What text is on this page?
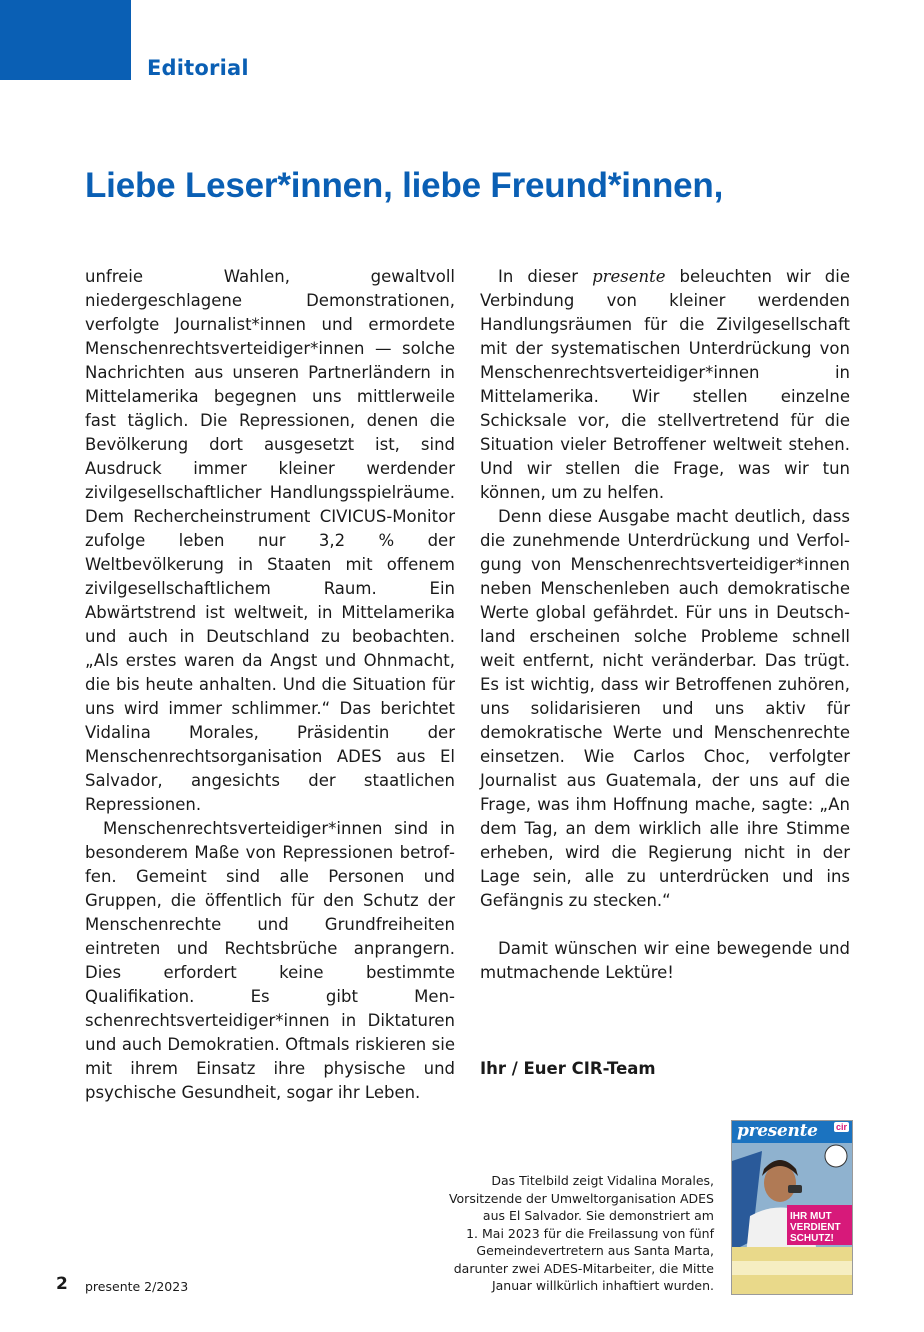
Editorial
Liebe Leser*innen, liebe Freund*innen,

unfreie Wahlen, gewaltvoll niedergeschlagene Demonstrationen, verfolgte Journalist*innen und ermordete Menschenrechtsverteidiger*innen — solche Nachrichten aus unseren Partnerländern in Mittelamerika begegnen uns mittlerweile fast täglich. Die Repressionen, denen die Bevölkerung dort ausgesetzt ist, sind Ausdruck immer kleiner werdender zivilgesellschaftlicher Handlungsspielräume. Dem Rechercheinstrument CIVICUS-Monitor zufolge leben nur 3,2 % der Weltbevölkerung in Staaten mit offenem zivilgesellschaftlichem Raum. Ein Abwärtstrend ist weltweit, in Mittelamerika und auch in Deutschland zu beobachten. „Als erstes waren da Angst und Ohnmacht, die bis heute anhalten. Und die Situation für uns wird immer schlimmer.“ Das berichtet Vidalina Morales, Präsidentin der Menschenrechtsorganisation ADES aus El Salvador, angesichts der staatlichen Repressionen.

Menschenrechtsverteidiger*innen sind in besonderem Maße von Repressionen betroffen. Gemeint sind alle Personen und Gruppen, die öffentlich für den Schutz der Menschenrechte und Grundfreiheiten eintreten und Rechtsbrüche anprangern. Dies erfordert keine bestimmte Qualifikation. Es gibt Menschenrechtsverteidiger*innen in Diktaturen und auch Demokratien. Oftmals riskieren sie mit ihrem Einsatz ihre physische und psychische Gesundheit, sogar ihr Leben.

In dieser presente beleuchten wir die Verbindung von kleiner werdenden Handlungsräumen für die Zivilgesellschaft mit der systematischen Unterdrückung von Menschenrechtsverteidiger*innen in Mittelamerika. Wir stellen einzelne Schicksale vor, die stellvertretend für die Situation vieler Betroffener weltweit stehen. Und wir stellen die Frage, was wir tun können, um zu helfen.

Denn diese Ausgabe macht deutlich, dass die zunehmende Unterdrückung und Verfolgung von Menschenrechtsverteidiger*innen neben Menschenleben auch demokratische Werte global gefährdet. Für uns in Deutschland erscheinen solche Probleme schnell weit entfernt, nicht veränderbar. Das trügt. Es ist wichtig, dass wir Betroffenen zuhören, uns solidarisieren und uns aktiv für demokratische Werte und Menschenrechte einsetzen. Wie Carlos Choc, verfolgter Journalist aus Guatemala, der uns auf die Frage, was ihm Hoffnung mache, sagte: „An dem Tag, an dem wirklich alle ihre Stimme erheben, wird die Regierung nicht in der Lage sein, alle zu unterdrücken und ins Gefängnis zu stecken.“

Damit wünschen wir eine bewegende und mutmachende Lektüre!

Ihr / Euer CIR-Team

Das Titelbild zeigt Vidalina Morales,
Vorsitzende der Umweltorganisation ADES
aus El Salvador. Sie demonstriert am
1. Mai 2023 für die Freilassung von fünf
Gemeindevertretern aus Santa Marta,
darunter zwei ADES-Mitarbeiter, die Mitte
Januar willkürlich inhaftiert wurden.
presente cir
IHR MUT VERDIENT SCHUTZ!
2 presente 2/2023
